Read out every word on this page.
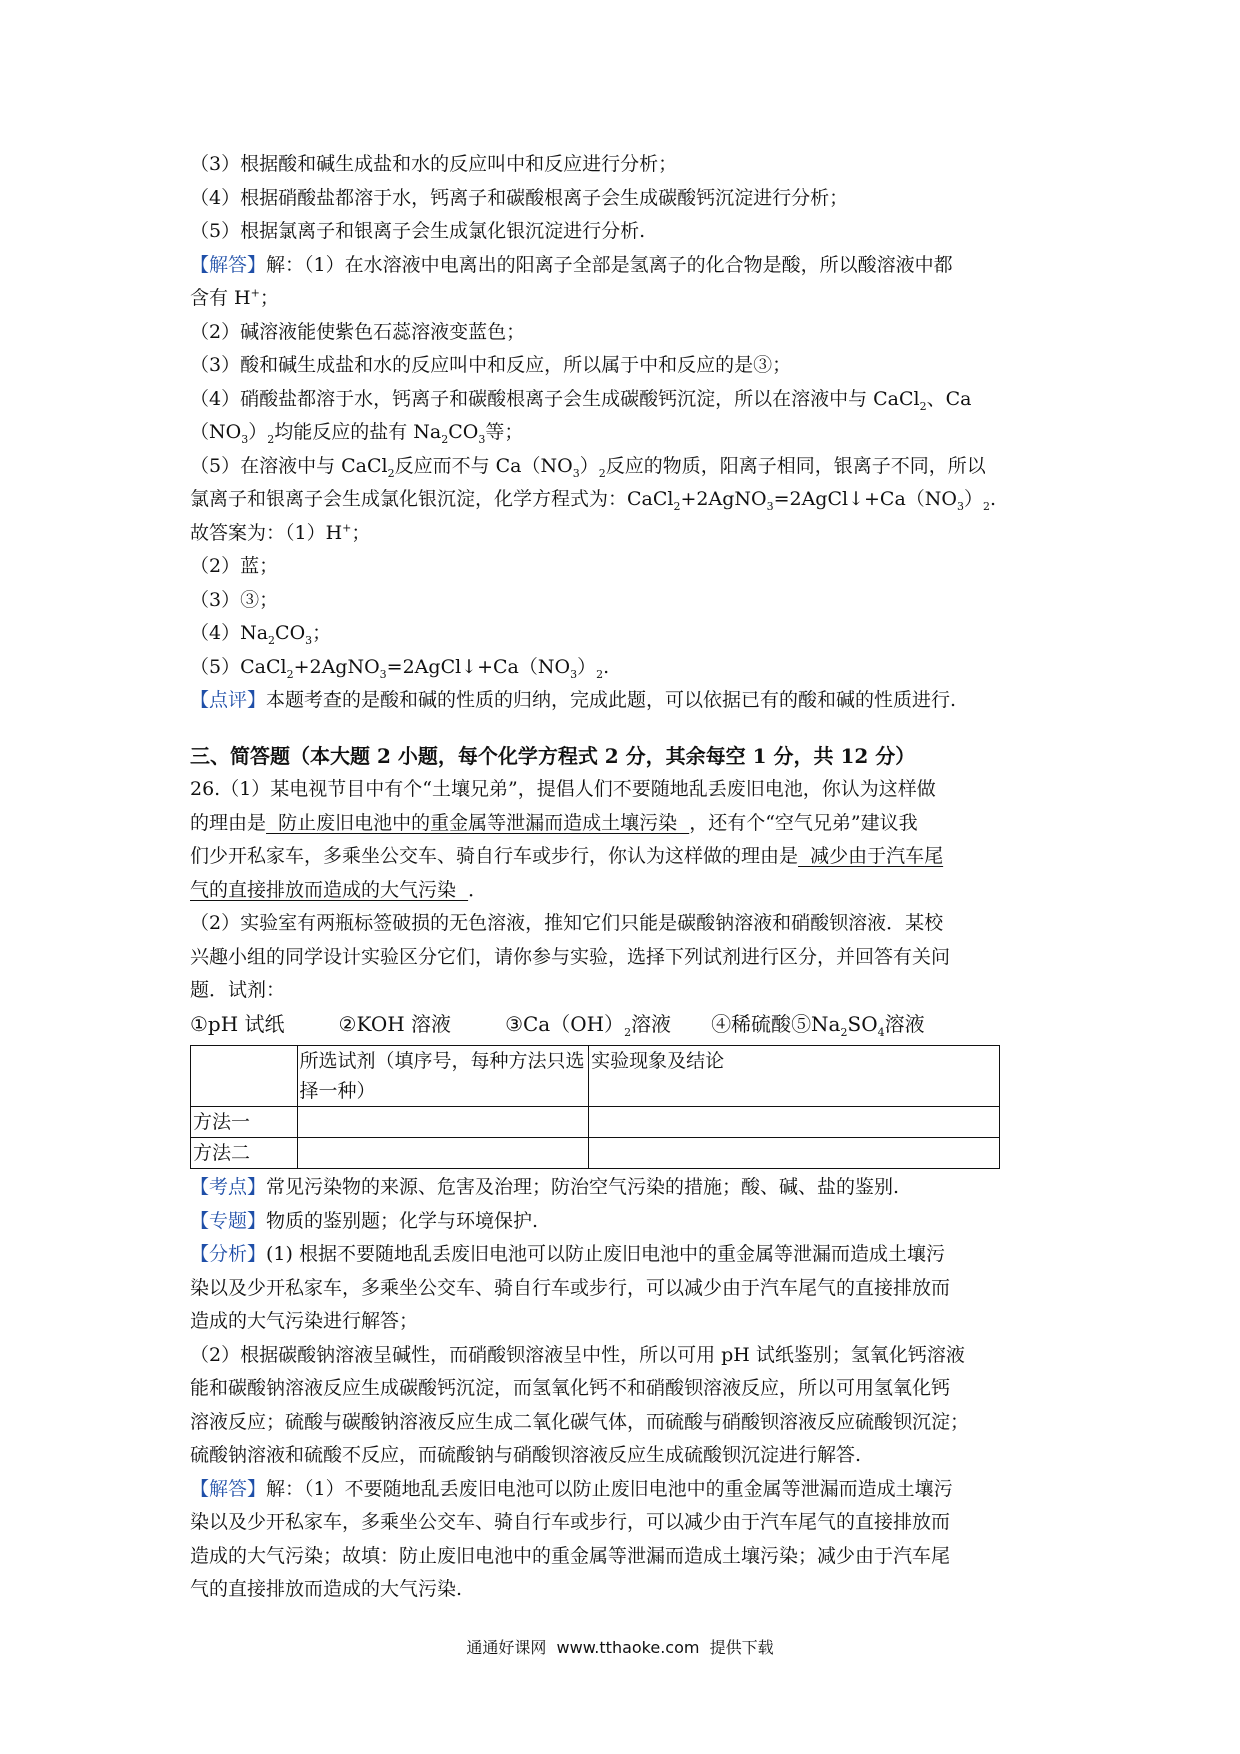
（3）根据酸和碱生成盐和水的反应叫中和反应进行分析；
（4）根据硝酸盐都溶于水，钙离子和碳酸根离子会生成碳酸钙沉淀进行分析；
（5）根据氯离子和银离子会生成氯化银沉淀进行分析.
【解答】解：（1）在水溶液中电离出的阳离子全部是氢离子的化合物是酸，所以酸溶液中都
含有 H+；
（2）碱溶液能使紫色石蕊溶液变蓝色；
（3）酸和碱生成盐和水的反应叫中和反应，所以属于中和反应的是③；
（4）硝酸盐都溶于水，钙离子和碳酸根离子会生成碳酸钙沉淀，所以在溶液中与 CaCl$_2$、Ca
$(NO_3)_2$均能反应的盐有 $Na_2CO_3$等；
（5）在溶液中与 CaCl$_2$反应而不与 $Ca(NO_3)_2$反应的物质，阳离子相同，银离子不同，所以
氯离子和银离子会生成氯化银沉淀，化学方程式为：$CaCl_2+2AgNO_3=2AgCl↓+Ca(NO_3)_2$.
故答案为：（1）H+；
（2）蓝；
（3）③；
$(4)Na_2CO_3$；
$(5)CaCl_2+2AgNO_3=2AgCl↓+Ca(NO_3)_2$.
【点评】本题考查的是酸和碱的性质的归纳，完成此题，可以依据已有的酸和碱的性质进行.
三、简答题（本大题 2 小题，每个化学方程式 2 分，其余每空 1 分，共 12 分）
26.（1）某电视节目中有个“土壤兄弟”，提倡人们不要随地乱丢废旧电池，你认为这样做
的理由是  防止废旧电池中的重金属等泄漏而造成土壤污染  ，还有个“空气兄弟”建议我
们少开私家车，多乘坐公交车、骑自行车或步行，你认为这样做的理由是  减少由于汽车尾
气的直接排放而造成的大气污染  ．
（2）实验室有两瓶标签破损的无色溶液，推知它们只能是碳酸钠溶液和硝酸钡溶液．某校
兴趣小组的同学设计实验区分它们，请你参与实验，选择下列试剂进行区分，并回答有关问
题．试剂：
①pH 试纸	②KOH 溶液	$③Ca(OH)_2$溶液 ④稀硫酸$⑤Na_2SO_4$溶液
	所选试剂（填序号，每种方法只选择一种）	实验现象及结论
方法一		
方法二		
【考点】常见污染物的来源、危害及治理；防治空气污染的措施；酸、碱、盐的鉴别.
【专题】物质的鉴别题；化学与环境保护.
【分析】(1) 根据不要随地乱丢废旧电池可以防止废旧电池中的重金属等泄漏而造成土壤污
染以及少开私家车，多乘坐公交车、骑自行车或步行，可以减少由于汽车尾气的直接排放而
造成的大气污染进行解答；
（2）根据碳酸钠溶液呈碱性，而硝酸钡溶液呈中性，所以可用 pH 试纸鉴别；氢氧化钙溶液
能和碳酸钠溶液反应生成碳酸钙沉淀，而氢氧化钙不和硝酸钡溶液反应，所以可用氢氧化钙
溶液反应；硫酸与碳酸钠溶液反应生成二氧化碳气体，而硫酸与硝酸钡溶液反应硫酸钡沉淀；
硫酸钠溶液和硫酸不反应，而硫酸钠与硝酸钡溶液反应生成硫酸钡沉淀进行解答.
【解答】解：（1）不要随地乱丢废旧电池可以防止废旧电池中的重金属等泄漏而造成土壤污
染以及少开私家车，多乘坐公交车、骑自行车或步行，可以减少由于汽车尾气的直接排放而
造成的大气污染；故填：防止废旧电池中的重金属等泄漏而造成土壤污染；减少由于汽车尾
气的直接排放而造成的大气污染.
通通好课网  www.tthaoke.com  提供下载
